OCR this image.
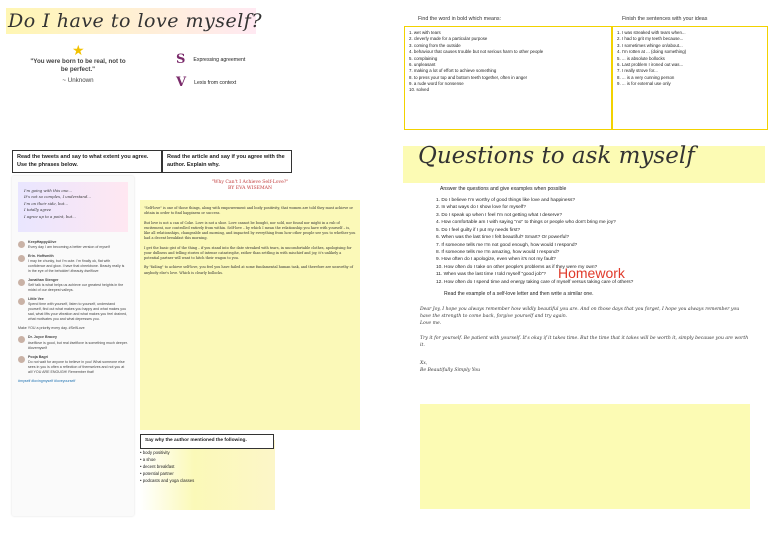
Do I have to love myself?
★
"You were born to be real, not to be perfect."
~ Unknown
S Expressing agreement
V Lexis from context
Read the tweets and say to what extent you agree. Use the phrases below.
Read the article and say if you agree with the author. Explain why.
I'm going with this one...
It's not so complex, I understand...
I'm on their side, but...
I totally agree
I agree up to a point, but...
KeepHappyAlive
Every day I am becoming a better version of myself
Erin. Hoffsmith
I may be chunky, but I'm cute. I'm finally ok, flat with confidence and glow. I have that cheekbone. Beauty really is in the eye of the beholder! #beauty #selflove
Jonathan Stenger
Self talk is what helps us achieve our greatest heights in the midst of our deepest valleys.
Little Vee
Spend time with yourself, listen to yourself, understand yourself, find out what makes you happy and what makes you sad, what lifts your vibration and what makes you feel drained, what motivates you and what depresses you.
Make YOU a priority every day. #SelfLove
Dr. Joyce Bracey
#selflove is good, but real #selflove is something much deeper. #lovemyself
Pooja Bagri
Do not wait for anyone to believe in you! What someone else sees in you is often a reflection of themselves and not you at all! YOU ARE ENOUGH! Remember that!
#myself #lovingmyself #loveyourself
"Why Can't I Achieve Self-Love?"
BY EVA WISEMAN

"Self-love" is one of those things, along with empowerment and body positivity, that women are told they must achieve or obtain in order to find happiness or success.

But love is not a can of Coke. Love is not a shoe. Love cannot be bought, nor sold, nor found nor might in a rub of excitement, nor controlled entirely from within. Self-love – by which I mean the relationship you have with yourself – is, like all relationships, changeable and morning, and impacted by everything from how other people see you to whether you had a decent breakfast this morning.

I get the basic gist of the thing – if you stand into the date streaked with tears, in uncomfortable clothes, apologising for your dullness and telling stories of intense catastrophe, rather than settling in with mischief and joy, it's unlikely a potential partner will want to hitch their wagon to you.

By "failing" to achieve self-love, you feel you have failed at some fundamental human task, and therefore are unworthy of anybody else's love. Which is clearly bollocks.

Say why the author mentioned the following.
• body positivity
• a shoe
• decent breakfast
• potential partner
• podcasts and yoga classes
Find the word in bold which means:
1. wet with tears
2. cleverly made for a particular purpose
3. coming from the outside
4. behaviour that causes trouble but not serious harm to other people
5. complaining
6. unpleasant
7. making a lot of effort to achieve something
8. to press your top and bottom teeth together, often in anger
9. a rude word for nonsense
10. solved
Finish the sentences with your ideas
1. I was streaked with tears when...
2. I had to grit my teeth because...
3. I sometimes whinge on/about...
4. I'm rotten at ... (doing something)
5. ... is absolute bollocks
6. Last problem I ironed out was...
7. I really strove for...
8. ... is a very cunning person
9. ... is for external use only
Questions to ask myself
Answer the questions and give examples when possible
1. Do I believe I'm worthy of good things like love and happiness?
2. In what ways do I show love for myself?
3. Do I speak up when I feel I'm not getting what I deserve?
4. How comfortable am I with saying "no" to things or people who don't bring me joy?
5. Do I feel guilty if I put my needs first?
6. When was the last time I felt beautiful? Smart? Or powerful?
7. If someone tells me I'm not good enough, how would I respond?
8. If someone tells me I'm amazing, how would I respond?
9. How often do I apologize, even when it's not my fault?
10. How often do I take on other people's problems as if they were my own?
11. When was the last time I told myself "good job"?
12. How often do I spend time and energy taking care of myself versus taking care of others?
Homework
Read the example of a self-love letter and then write a similar one.
Dear Joy, I hope you always remember how wildly beautiful you are. And on those days that you forget, I hope you always remember you have the strength to come back, forgive yourself and try again.
Love me.
Try it for yourself. Be patient with yourself. It's okay if it takes time. But the time that it takes will be worth it, simply because you are worth it.
Xx,
Be Beautifully Simply You
